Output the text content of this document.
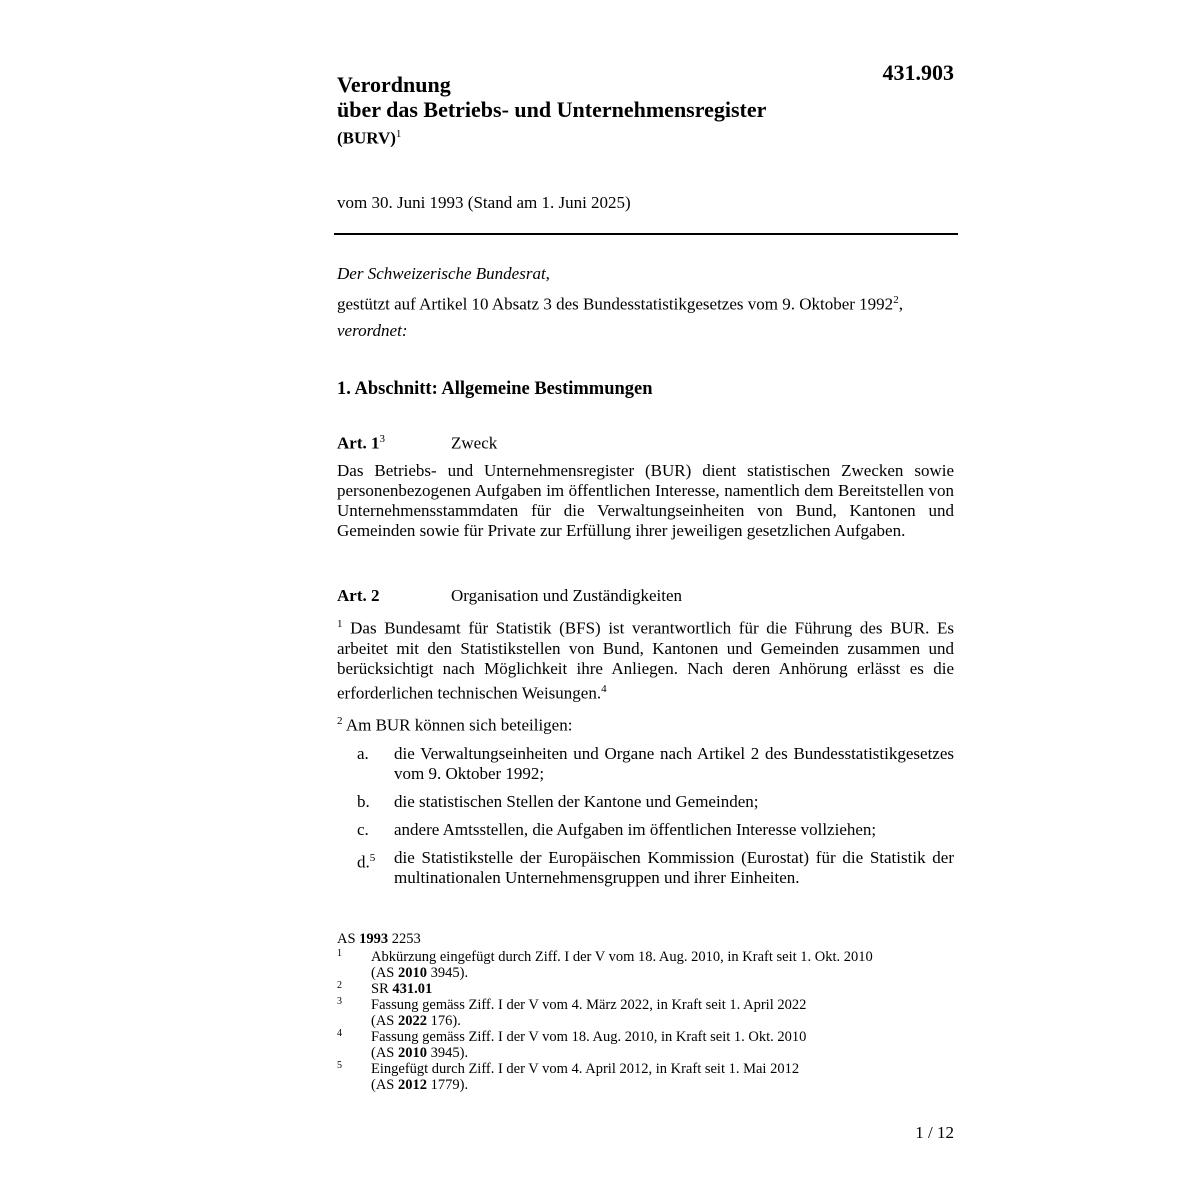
431.903
Verordnung
über das Betriebs- und Unternehmensregister
(BURV)$^1$
vom 30. Juni 1993 (Stand am 1. Juni 2025)

Der Schweizerische Bundesrat,

gestützt auf Artikel 10 Absatz 3 des Bundesstatistikgesetzes vom 9. Oktober 1992$^2$,

verordnet:

1. Abschnitt: Allgemeine Bestimmungen
Art. $1^3$	Zweck
Das Betriebs- und Unternehmensregister (BUR) dient statistischen Zwecken sowie personenbezogenen Aufgaben im öffentlichen Interesse, namentlich dem Bereitstellen von Unternehmensstammdaten für die Verwaltungseinheiten von Bund, Kantonen und Gemeinden sowie für Private zur Erfüllung ihrer jeweiligen gesetzlichen Aufgaben.
Art. 2	Organisation und Zuständigkeiten
$^1$ Das Bundesamt für Statistik (BFS) ist verantwortlich für die Führung des BUR. Es arbeitet mit den Statistikstellen von Bund, Kantonen und Gemeinden zusammen und berücksichtigt nach Möglichkeit ihre Anliegen. Nach deren Anhörung erlässt es die erforderlichen technischen Weisungen.$^4$
$^2$ Am BUR können sich beteiligen:
a. die Verwaltungseinheiten und Organe nach Artikel 2 des Bundesstatistikgesetzes vom 9. Oktober 1992;
b. die statistischen Stellen der Kantone und Gemeinden;
c. andere Amtsstellen, die Aufgaben im öffentlichen Interesse vollziehen;
d.$^5$ die Statistikstelle der Europäischen Kommission (Eurostat) für die Statistik der multinationalen Unternehmensgruppen und ihrer Einheiten.
AS 1993 2253
1 Abkürzung eingefügt durch Ziff. I der V vom 18. Aug. 2010, in Kraft seit 1. Okt. 2010
(AS 2010 3945).
2 SR 431.01
3 Fassung gemäss Ziff. I der V vom 4. März 2022, in Kraft seit 1. April 2022
(AS 2022 176).
4 Fassung gemäss Ziff. I der V vom 18. Aug. 2010, in Kraft seit 1. Okt. 2010
(AS 2010 3945).
5 Eingefügt durch Ziff. I der V vom 4. April 2012, in Kraft seit 1. Mai 2012
(AS 2012 1779).
1 / 12
